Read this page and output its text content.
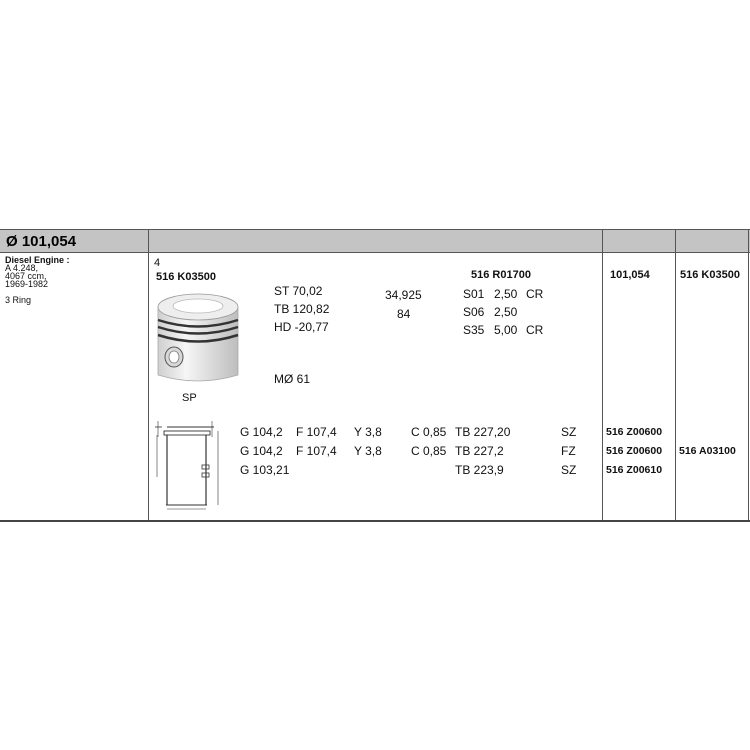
Ø 101,054
Diesel Engine :
A 4.248,
4067 ccm,
1969-1982
3 Ring
4
516 K03500
SP
ST 70,02
TB 120,82
HD -20,77
MØ 61
34,925
84
516 R01700
S01 2,50 CR
S06 2,50
S35 5,00 CR
101,054	516 K03500
G 104,2 F 107,4 Y 3,8 C 0,85 TB 227,20	SZ	516 Z00600
G 104,2 F 107,4 Y 3,8 C 0,85 TB 227,2	FZ	516 Z00600 516 A03100
G 103,21	TB 223,9	SZ	516 Z00610
